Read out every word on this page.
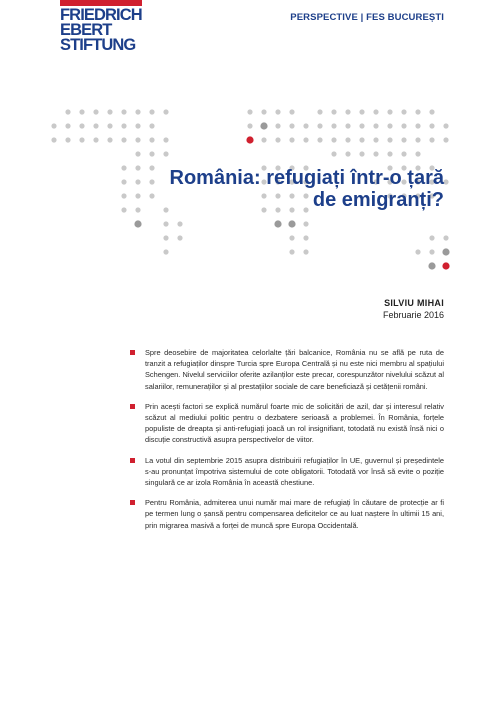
FRIEDRICH
EBERT
STIFTUNG
PERSPECTIVE | FES BUCUREȘTI
România: refugiați într-o țară
de emigranți?
SILVIU MIHAI
Februarie 2016
Spre deosebire de majoritatea celorlalte țări balcanice, România nu se află pe ruta de tranzit a refugiaților dinspre Turcia spre Europa Centrală și nu este nici membru al spațiului Schengen. Nivelul serviciilor oferite azilanților este precar, corespunzător nivelului scăzut al salariilor, remunerațiilor și al prestațiilor sociale de care beneficiază și cetățenii români.
Prin acești factori se explică numărul foarte mic de solicitări de azil, dar și interesul relativ scăzut al mediului politic pentru o dezbatere serioasă a problemei. În România, forțele populiste de dreapta și anti-refugiați joacă un rol insignifiant, totodată nu există însă nici o discuție constructivă asupra perspectivelor de viitor.
La votul din septembrie 2015 asupra distribuirii refugiaților în UE, guvernul și președintele s-au pronunțat împotriva sistemului de cote obligatorii. Totodată vor însă să evite o poziție singulară ce ar izola România în această chestiune.
Pentru România, admiterea unui număr mai mare de refugiați în căutare de protecție ar fi pe termen lung o șansă pentru compensarea deficitelor ce au luat naștere în ultimii 15 ani, prin migrarea masivă a forței de muncă spre Europa Occidentală.
